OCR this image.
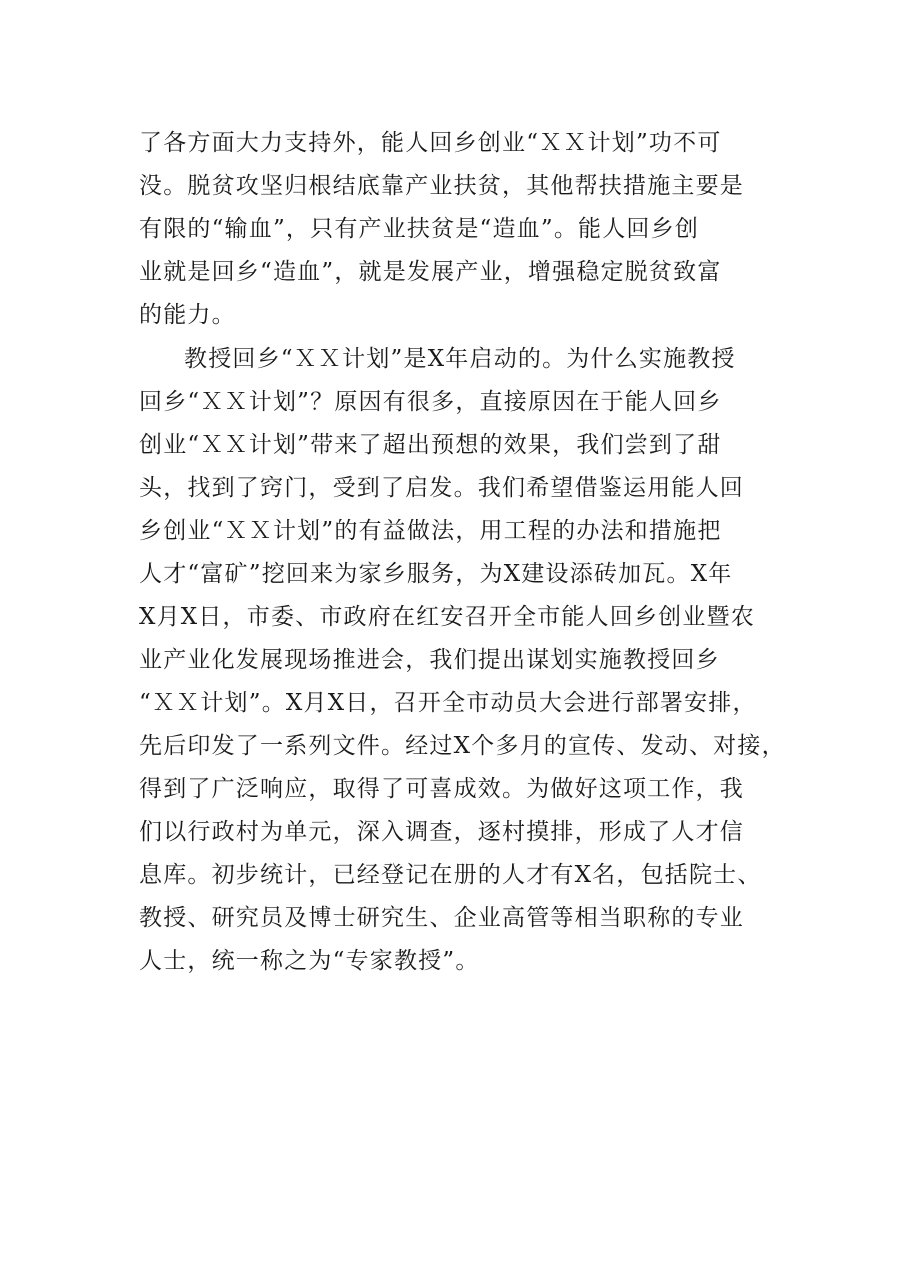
了各方面大力支持外，能人回乡创业“ＸＸ计划”功不可
没。脱贫攻坚归根结底靠产业扶贫，其他帮扶措施主要是
有限的“输血”，只有产业扶贫是“造血”。能人回乡创
业就是回乡“造血”，就是发展产业，增强稳定脱贫致富
的能力。
教授回乡“ＸＸ计划”是X年启动的。为什么实施教授
回乡“ＸＸ计划”？原因有很多，直接原因在于能人回乡
创业“ＸＸ计划”带来了超出预想的效果，我们尝到了甜
头，找到了窍门，受到了启发。我们希望借鉴运用能人回
乡创业“ＸＸ计划”的有益做法，用工程的办法和措施把
人才“富矿”挖回来为家乡服务，为X建设添砖加瓦。X年
X月X日，市委、市政府在红安召开全市能人回乡创业暨农
业产业化发展现场推进会，我们提出谋划实施教授回乡
“ＸＸ计划”。X月X日，召开全市动员大会进行部署安排，
先后印发了一系列文件。经过X个多月的宣传、发动、对接，
得到了广泛响应，取得了可喜成效。为做好这项工作，我
们以行政村为单元，深入调查，逐村摸排，形成了人才信
息库。初步统计，已经登记在册的人才有X名，包括院士、
教授、研究员及博士研究生、企业高管等相当职称的专业
人士，统一称之为“专家教授”。
